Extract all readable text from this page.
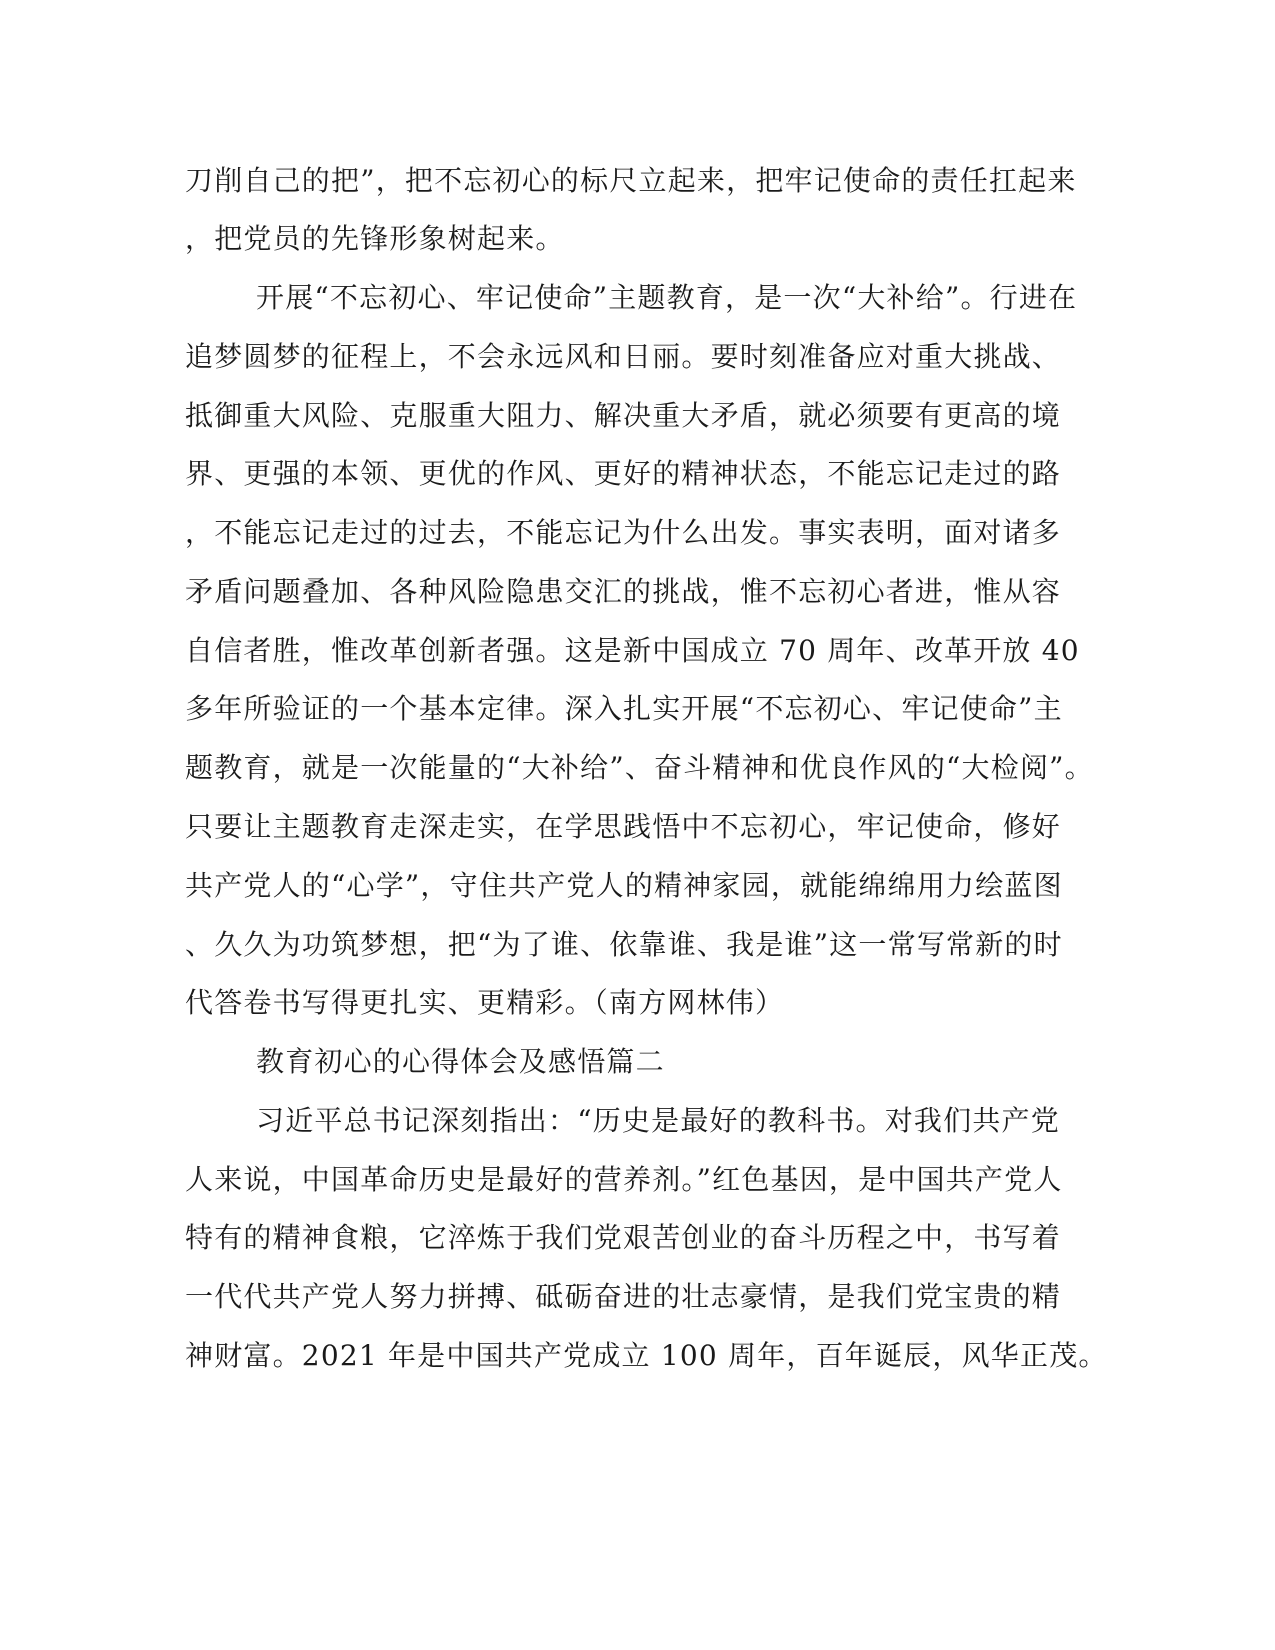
刀削自己的把”，把不忘初心的标尺立起来，把牢记使命的责任扛起来
，把党员的先锋形象树起来。
开展“不忘初心、牢记使命”主题教育，是一次“大补给”。行进在
追梦圆梦的征程上，不会永远风和日丽。要时刻准备应对重大挑战、
抵御重大风险、克服重大阻力、解决重大矛盾，就必须要有更高的境
界、更强的本领、更优的作风、更好的精神状态，不能忘记走过的路
，不能忘记走过的过去，不能忘记为什么出发。事实表明，面对诸多
矛盾问题叠加、各种风险隐患交汇的挑战，惟不忘初心者进，惟从容
自信者胜，惟改革创新者强。这是新中国成立 70 周年、改革开放 40
多年所验证的一个基本定律。深入扎实开展“不忘初心、牢记使命”主
题教育，就是一次能量的“大补给”、奋斗精神和优良作风的“大检阅”。
只要让主题教育走深走实，在学思践悟中不忘初心，牢记使命，修好
共产党人的“心学”，守住共产党人的精神家园，就能绵绵用力绘蓝图
、久久为功筑梦想，把“为了谁、依靠谁、我是谁”这一常写常新的时
代答卷书写得更扎实、更精彩。（南方网林伟）
教育初心的心得体会及感悟篇二
习近平总书记深刻指出：“历史是最好的教科书。对我们共产党
人来说，中国革命历史是最好的营养剂。”红色基因，是中国共产党人
特有的精神食粮，它淬炼于我们党艰苦创业的奋斗历程之中，书写着
一代代共产党人努力拼搏、砥砺奋进的壮志豪情，是我们党宝贵的精
神财富。2021 年是中国共产党成立 100 周年，百年诞辰，风华正茂。
